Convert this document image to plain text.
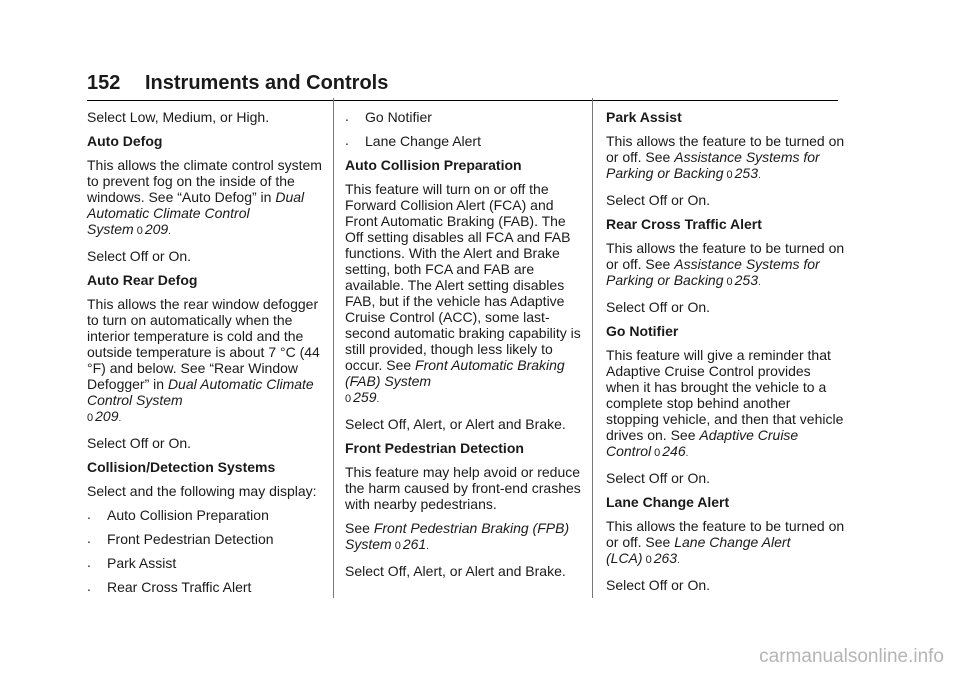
152 Instruments and Controls

Select Low, Medium, or High.

Auto Defog

This allows the climate control system to prevent fog on the inside of the windows. See “Auto Defog” in Dual Automatic Climate Control System 0 209.

Select Off or On.

Auto Rear Defog

This allows the rear window defogger to turn on automatically when the interior temperature is cold and the outside temperature is about 7 °C (44 °F) and below. See “Rear Window Defogger” in Dual Automatic Climate Control System
0 209.

Select Off or On.

Collision/Detection Systems

Select and the following may display:

. Auto Collision Preparation
. Front Pedestrian Detection
. Park Assist
. Rear Cross Traffic Alert
. Go Notifier
. Lane Change Alert
Auto Collision Preparation

This feature will turn on or off the Forward Collision Alert (FCA) and Front Automatic Braking (FAB). The Off setting disables all FCA and FAB functions. With the Alert and Brake setting, both FCA and FAB are available. The Alert setting disables FAB, but if the vehicle has Adaptive Cruise Control (ACC), some last-second automatic braking capability is still provided, though less likely to occur. See Front Automatic Braking (FAB) System
0 259.

Select Off, Alert, or Alert and Brake.

Front Pedestrian Detection

This feature may help avoid or reduce the harm caused by front-end crashes with nearby pedestrians.

See Front Pedestrian Braking (FPB) System 0 261.

Select Off, Alert, or Alert and Brake.

Park Assist

This allows the feature to be turned on or off. See Assistance Systems for Parking or Backing 0 253.

Select Off or On.

Rear Cross Traffic Alert

This allows the feature to be turned on or off. See Assistance Systems for Parking or Backing 0 253.

Select Off or On.

Go Notifier

This feature will give a reminder that Adaptive Cruise Control provides when it has brought the vehicle to a complete stop behind another stopping vehicle, and then that vehicle drives on. See Adaptive Cruise Control 0 246.

Select Off or On.

Lane Change Alert

This allows the feature to be turned on or off. See Lane Change Alert (LCA) 0 263.

Select Off or On.

carmanualsonline.info
